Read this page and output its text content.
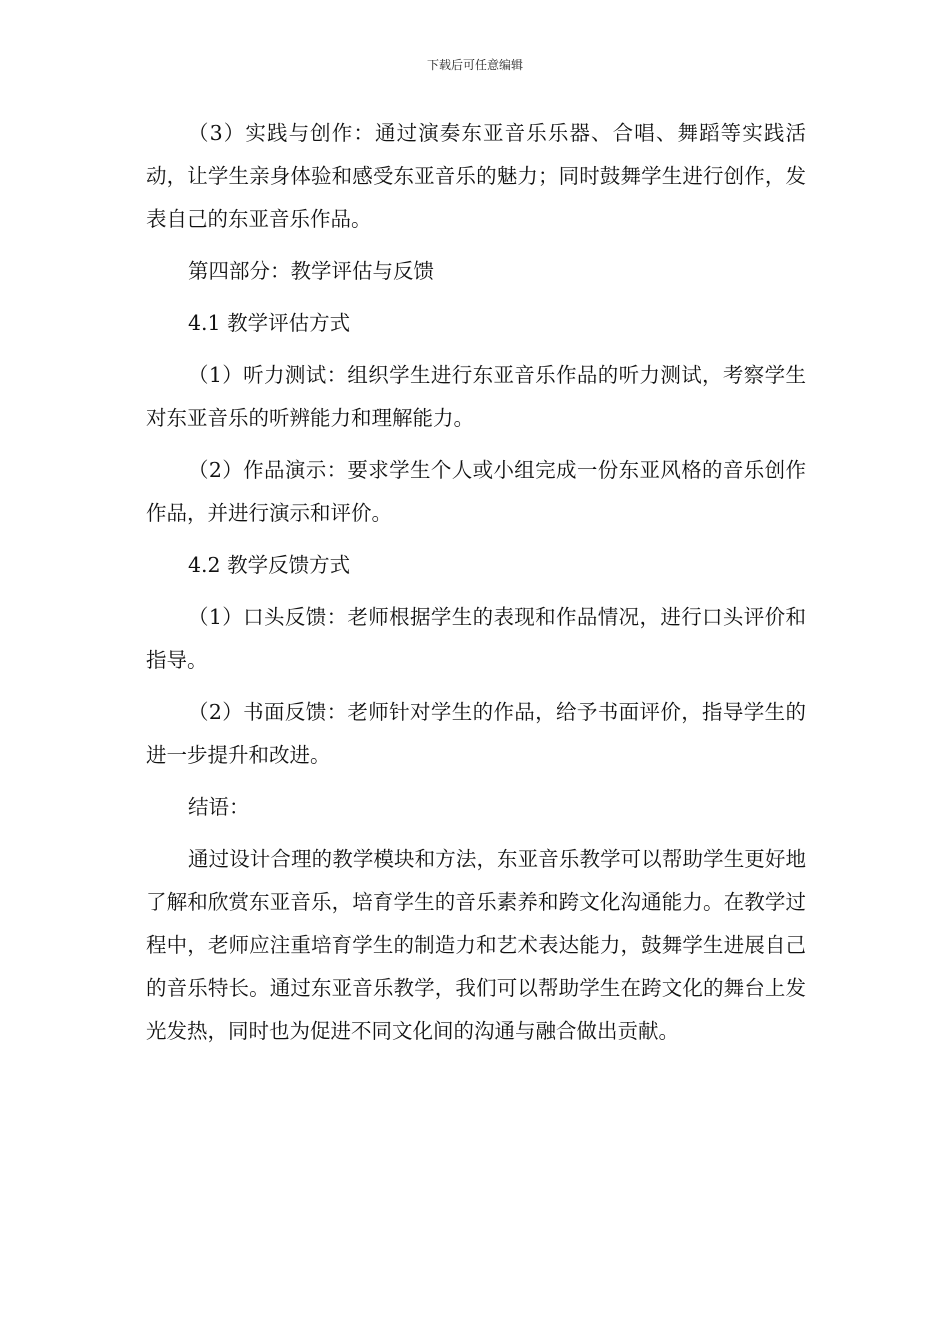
下载后可任意编辑

（3）实践与创作：通过演奏东亚音乐乐器、合唱、舞蹈等实践活动，让学生亲身体验和感受东亚音乐的魅力；同时鼓舞学生进行创作，发表自己的东亚音乐作品。

第四部分：教学评估与反馈

4.1 教学评估方式

（1）听力测试：组织学生进行东亚音乐作品的听力测试，考察学生对东亚音乐的听辨能力和理解能力。

（2）作品演示：要求学生个人或小组完成一份东亚风格的音乐创作作品，并进行演示和评价。

4.2 教学反馈方式

（1）口头反馈：老师根据学生的表现和作品情况，进行口头评价和指导。

（2）书面反馈：老师针对学生的作品，给予书面评价，指导学生的进一步提升和改进。

结语：

通过设计合理的教学模块和方法，东亚音乐教学可以帮助学生更好地了解和欣赏东亚音乐，培育学生的音乐素养和跨文化沟通能力。在教学过程中，老师应注重培育学生的制造力和艺术表达能力，鼓舞学生进展自己的音乐特长。通过东亚音乐教学，我们可以帮助学生在跨文化的舞台上发光发热，同时也为促进不同文化间的沟通与融合做出贡献。
